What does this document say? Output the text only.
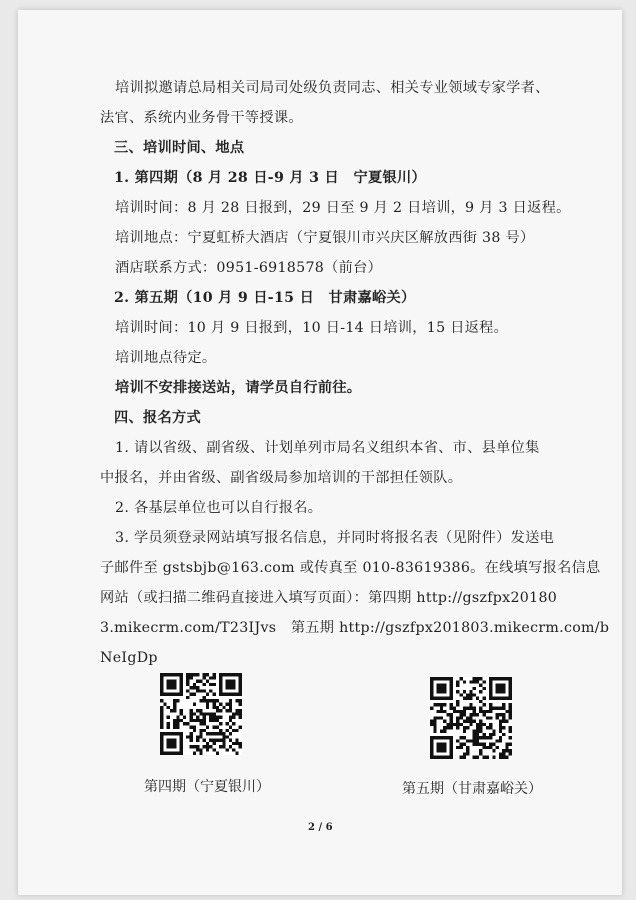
培训拟邀请总局相关司局司处级负责同志、相关专业领域专家学者、
法官、系统内业务骨干等授课。
三、培训时间、地点
1. 第四期（8 月 28 日-9 月 3 日　宁夏银川）
培训时间：8 月 28 日报到，29 日至 9 月 2 日培训，9 月 3 日返程。
培训地点：宁夏虹桥大酒店（宁夏银川市兴庆区解放西街 38 号）
酒店联系方式：0951-6918578（前台）
2. 第五期（10 月 9 日-15 日　甘肃嘉峪关）
培训时间：10 月 9 日报到，10 日-14 日培训，15 日返程。
培训地点待定。
培训不安排接送站，请学员自行前往。
四、报名方式
1. 请以省级、副省级、计划单列市局名义组织本省、市、县单位集
中报名，并由省级、副省级局参加培训的干部担任领队。
2. 各基层单位也可以自行报名。
3. 学员须登录网站填写报名信息，并同时将报名表（见附件）发送电
子邮件至 gstsbjb@163.com 或传真至 010-83619386。在线填写报名信息
网站（或扫描二维码直接进入填写页面）：第四期 http://gszfpx20180
3.mikecrm.com/T23IJvs　第五期 http://gszfpx201803.mikecrm.com/b
NeIgDp
第四期（宁夏银川）	第五期（甘肃嘉峪关）
2 / 6
